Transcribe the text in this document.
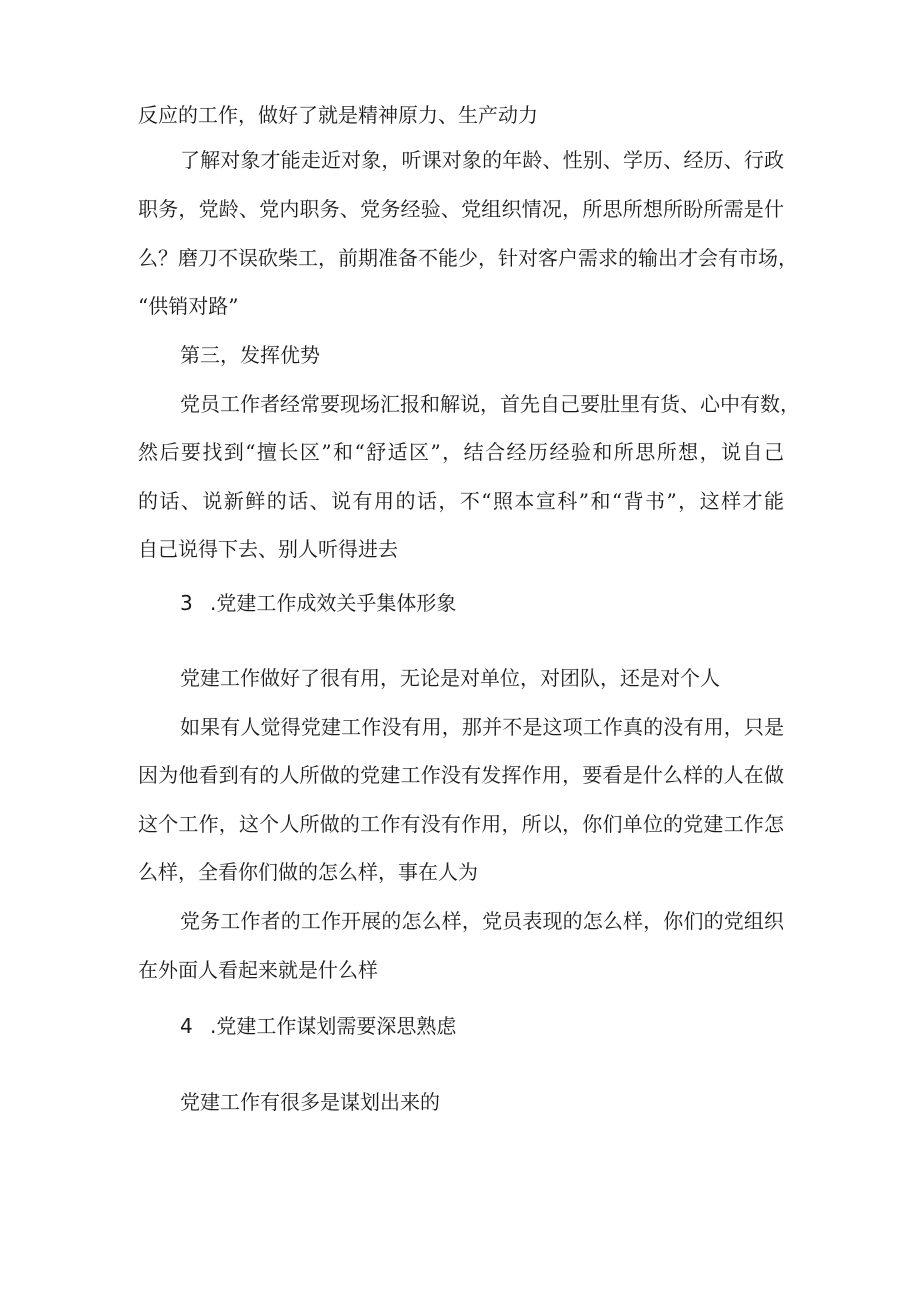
反应的工作，做好了就是精神原力、生产动力
了解对象才能走近对象，听课对象的年龄、性别、学历、经历、行政
职务，党龄、党内职务、党务经验、党组织情况，所思所想所盼所需是什
么？磨刀不误砍柴工，前期准备不能少，针对客户需求的输出才会有市场，
“供销对路”
第三，发挥优势
党员工作者经常要现场汇报和解说，首先自己要肚里有货、心中有数，
然后要找到“擅长区”和“舒适区”，结合经历经验和所思所想，说自己
的话、说新鲜的话、说有用的话，不“照本宣科”和“背书”，这样才能
自己说得下去、别人听得进去
3 .党建工作成效关乎集体形象
党建工作做好了很有用，无论是对单位，对团队，还是对个人
如果有人觉得党建工作没有用，那并不是这项工作真的没有用，只是
因为他看到有的人所做的党建工作没有发挥作用，要看是什么样的人在做
这个工作，这个人所做的工作有没有作用，所以，你们单位的党建工作怎
么样，全看你们做的怎么样，事在人为
党务工作者的工作开展的怎么样，党员表现的怎么样，你们的党组织
在外面人看起来就是什么样
4 .党建工作谋划需要深思熟虑
党建工作有很多是谋划出来的
